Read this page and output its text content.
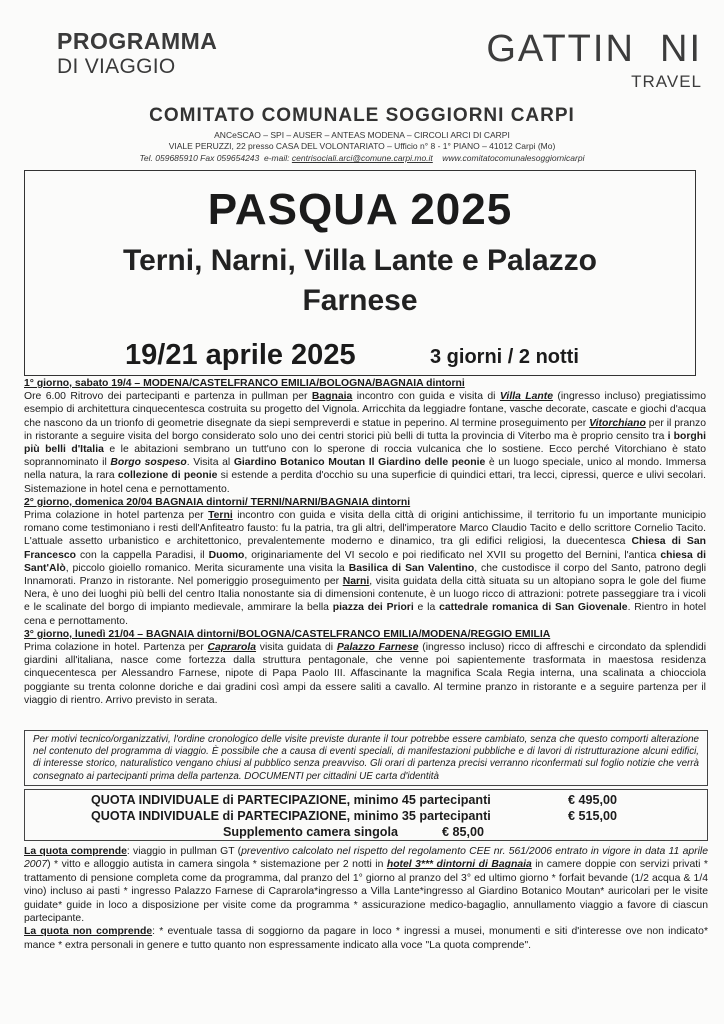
PROGRAMMA
DI VIAGGIO	GATTIN  NI
TRAVEL
COMITATO COMUNALE SOGGIORNI CARPI
ANCeSCAO – SPI – AUSER – ANTEAS MODENA – CIRCOLI ARCI DI CARPI
VIALE PERUZZI, 22 presso CASA DEL VOLONTARIATO – Ufficio n° 8 - 1° PIANO – 41012 Carpi (Mo)
Tel. 059685910 Fax 059654243 e-mail: centrisociali.arci@comune.carpi.mo.it www.comitatocomunalesoggiornicarpi
PASQUA 2025
Terni, Narni, Villa Lante e Palazzo
Farnese
19/21 aprile 2025	3 giorni / 2 notti

1° giorno, sabato 19/4 – MODENA/CASTELFRANCO EMILIA/BOLOGNA/BAGNAIA dintorni

Ore 6.00 Ritrovo dei partecipanti e partenza in pullman per Bagnaia incontro con guida e visita di Villa Lante (ingresso incluso) pregiatissimo esempio di architettura cinquecentesca costruita su progetto del Vignola. Arricchita da leggiadre fontane, vasche decorate, cascate e giochi d'acqua che nascono da un trionfo di geometrie disegnate da siepi sempreverdi e statue in peperino. Al termine proseguimento per Vitorchiano per il pranzo in ristorante a seguire visita del borgo considerato solo uno dei centri storici più belli di tutta la provincia di Viterbo ma è proprio censito tra i borghi più belli d'Italia e le abitazioni sembrano un tutt'uno con lo sperone di roccia vulcanica che lo sostiene. Ecco perché Vitorchiano è stato soprannominato il Borgo sospeso. Visita al Giardino Botanico Moutan Il Giardino delle peonie è un luogo speciale, unico al mondo. Immersa nella natura, la rara collezione di peonie si estende a perdita d'occhio su una superficie di quindici ettari, tra lecci, cipressi, querce e ulivi secolari. Sistemazione in hotel cena e pernottamento.

2° giorno, domenica 20/04 BAGNAIA dintorni/ TERNI/NARNI/BAGNAIA dintorni

Prima colazione in hotel partenza per Terni incontro con guida e visita della città di origini antichissime, il territorio fu un importante municipio romano come testimoniano i resti dell'Anfiteatro fausto: fu la patria, tra gli altri, dell'imperatore Marco Claudio Tacito e dello scrittore Cornelio Tacito. L'attuale assetto urbanistico e architettonico, prevalentemente moderno e dinamico, tra gli edifici religiosi, la duecentesca Chiesa di San Francesco con la cappella Paradisi, il Duomo, originariamente del VI secolo e poi riedificato nel XVII su progetto del Bernini, l'antica chiesa di Sant'Alò, piccolo gioiello romanico. Merita sicuramente una visita la Basilica di San Valentino, che custodisce il corpo del Santo, patrono degli Innamorati. Pranzo in ristorante. Nel pomeriggio proseguimento per Narni, visita guidata della città situata su un altopiano sopra le gole del fiume Nera, è uno dei luoghi più belli del centro Italia nonostante sia di dimensioni contenute, è un luogo ricco di attrazioni: potrete passeggiare tra i vicoli e le scalinate del borgo di impianto medievale, ammirare la bella piazza dei Priori e la cattedrale romanica di San Giovenale. Rientro in hotel cena e pernottamento.

3° giorno, lunedì 21/04 – BAGNAIA dintorni/BOLOGNA/CASTELFRANCO EMILIA/MODENA/REGGIO EMILIA

Prima colazione in hotel. Partenza per Caprarola visita guidata di Palazzo Farnese (ingresso incluso) ricco di affreschi e circondato da splendidi giardini all'italiana, nasce come fortezza dalla struttura pentagonale, che venne poi sapientemente trasformata in maestosa residenza cinquecentesca per Alessandro Farnese, nipote di Papa Paolo III. Affascinante la magnifica Scala Regia interna, una scalinata a chiocciola poggiante su trenta colonne doriche e dai gradini così ampi da essere saliti a cavallo. Al termine pranzo in ristorante e a seguire partenza per il viaggio di rientro. Arrivo previsto in serata.

Per motivi tecnico/organizzativi, l'ordine cronologico delle visite previste durante il tour potrebbe essere cambiato, senza che questo comporti alterazione nel contenuto del programma di viaggio. È possibile che a causa di eventi speciali, di manifestazioni pubbliche e di lavori di ristrutturazione alcuni edifici, di interesse storico, naturalistico vengano chiusi al pubblico senza preavviso. Gli orari di partenza precisi verranno riconfermati sul foglio notizie che verrà consegnato ai partecipanti prima della partenza. DOCUMENTI per cittadini UE carta d'identità
QUOTA INDIVIDUALE di PARTECIPAZIONE, minimo 45 partecipanti	€ 495,00
QUOTA INDIVIDUALE di PARTECIPAZIONE, minimo 35 partecipanti	€ 515,00
Supplemento camera singola	€ 85,00

La quota comprende: viaggio in pullman GT (preventivo calcolato nel rispetto del regolamento CEE nr. 561/2006 entrato in vigore in data 11 aprile 2007) * vitto e alloggio autista in camera singola * sistemazione per 2 notti in hotel 3*** dintorni di Bagnaia in camere doppie con servizi privati * trattamento di pensione completa come da programma, dal pranzo del 1° giorno al pranzo del 3° ed ultimo giorno * forfait bevande (1/2 acqua & 1/4 vino) incluso ai pasti * ingresso Palazzo Farnese di Caprarola*ingresso a Villa Lante*ingresso al Giardino Botanico Moutan* auricolari per le visite guidate* guide in loco a disposizione per visite come da programma * assicurazione medico-bagaglio, annullamento viaggio a favore di ciascun partecipante.

La quota non comprende: * eventuale tassa di soggiorno da pagare in loco * ingressi a musei, monumenti e siti d'interesse ove non indicato* mance * extra personali in genere e tutto quanto non espressamente indicato alla voce "La quota comprende".
